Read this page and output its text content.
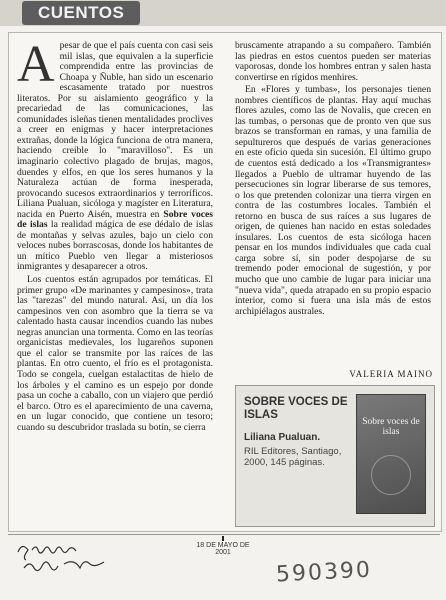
CUENTOS

Apesar de que el país cuenta con casi seis mil islas, que equivalen a la superficie comprendida entre las provincias de Choapa y Ñuble, han sido un escenario escasamente tratado por nuestros literatos. Por su aislamiento geográfico y la precariedad de las comunicaciones, las comunidades isleñas tienen mentalidades proclives a creer en enigmas y hacer interpretaciones extrañas, donde la lógica funciona de otra manera, haciendo creíble lo "maravilloso". Es un imaginario colectivo plagado de brujas, magos, duendes y elfos, en que los seres humanos y la Naturaleza actúan de forma inesperada, provocando sucesos extraordinarios y terroríficos. Liliana Pualuan, sicóloga y magíster en Literatura, nacida en Puerto Aisén, muestra en Sobre voces de islas la realidad mágica de ese dédalo de islas de montañas y selvas azules, bajo un cielo con veloces nubes borrascosas, donde los habitantes de un mítico Pueblo ven llegar a misteriosos inmigrantes y desaparecer a otros.

Los cuentos están agrupados por temáticas. El primer grupo «De marinantes y campesinos», trata las "tarezas" del mundo natural. Así, un día los campesinos ven con asombro que la tierra se va calentado hasta causar incendios cuando las nubes negras anuncian una tormenta. Como en las teorías organicistas medievales, los lugareños suponen que el calor se transmite por las raíces de las plantas. En otro cuento, el frío es el protagonista. Todo se congela, cuelgan estalactitas de hielo de los árboles y el camino es un espejo por donde pasa un coche a caballo, con un viajero que perdió el barco. Otro es el aparecimiento de una caverna, en un lugar conocido, que contiene un tesoro; cuando su descubridor traslada su botín, se cierra

bruscamente atrapando a su compañero. También las piedras en estos cuentos pueden ser materias vaporosas, donde los hombres entran y salen hasta convertirse en rígidos menhires.

En «Flores y tumbas», los personajes tienen nombres científicos de plantas. Hay aquí muchas flores azules, como las de Novalis, que crecen en las tumbas, o personas que de pronto ven que sus brazos se transforman en ramas, y una familia de sepultureros que después de varias generaciones en este oficio queda sin sucesión. El último grupo de cuentos está dedicado a los «Transmigrantes» llegados a Pueblo de ultramar huyendo de las persecuciones sin lograr liberarse de sus temores, o los que pretenden colonizar una tierra virgen en contra de las costumbres locales. También el retorno en busca de sus raíces a sus lugares de origen, de quienes han nacido en estas soledades insulares. Los cuentos de esta sicóloga hacen pensar en los mundos individuales que cada cual carga sobre sí, sin poder despojarse de su tremendo poder emocional de sugestión, y por mucho que uno cambie de lugar para iniciar una "nueva vida", queda atrapado en su propio espacio interior, como si fuera una isla más de estos archipiélagos australes.

VALERIA MAINO
SOBRE VOCES DE ISLAS
Liliana Pualuan.
RIL Editores, Santiago, 2000, 145 páginas.
Sobre voces de islas
18 DE MAYO DE 2001
590390
